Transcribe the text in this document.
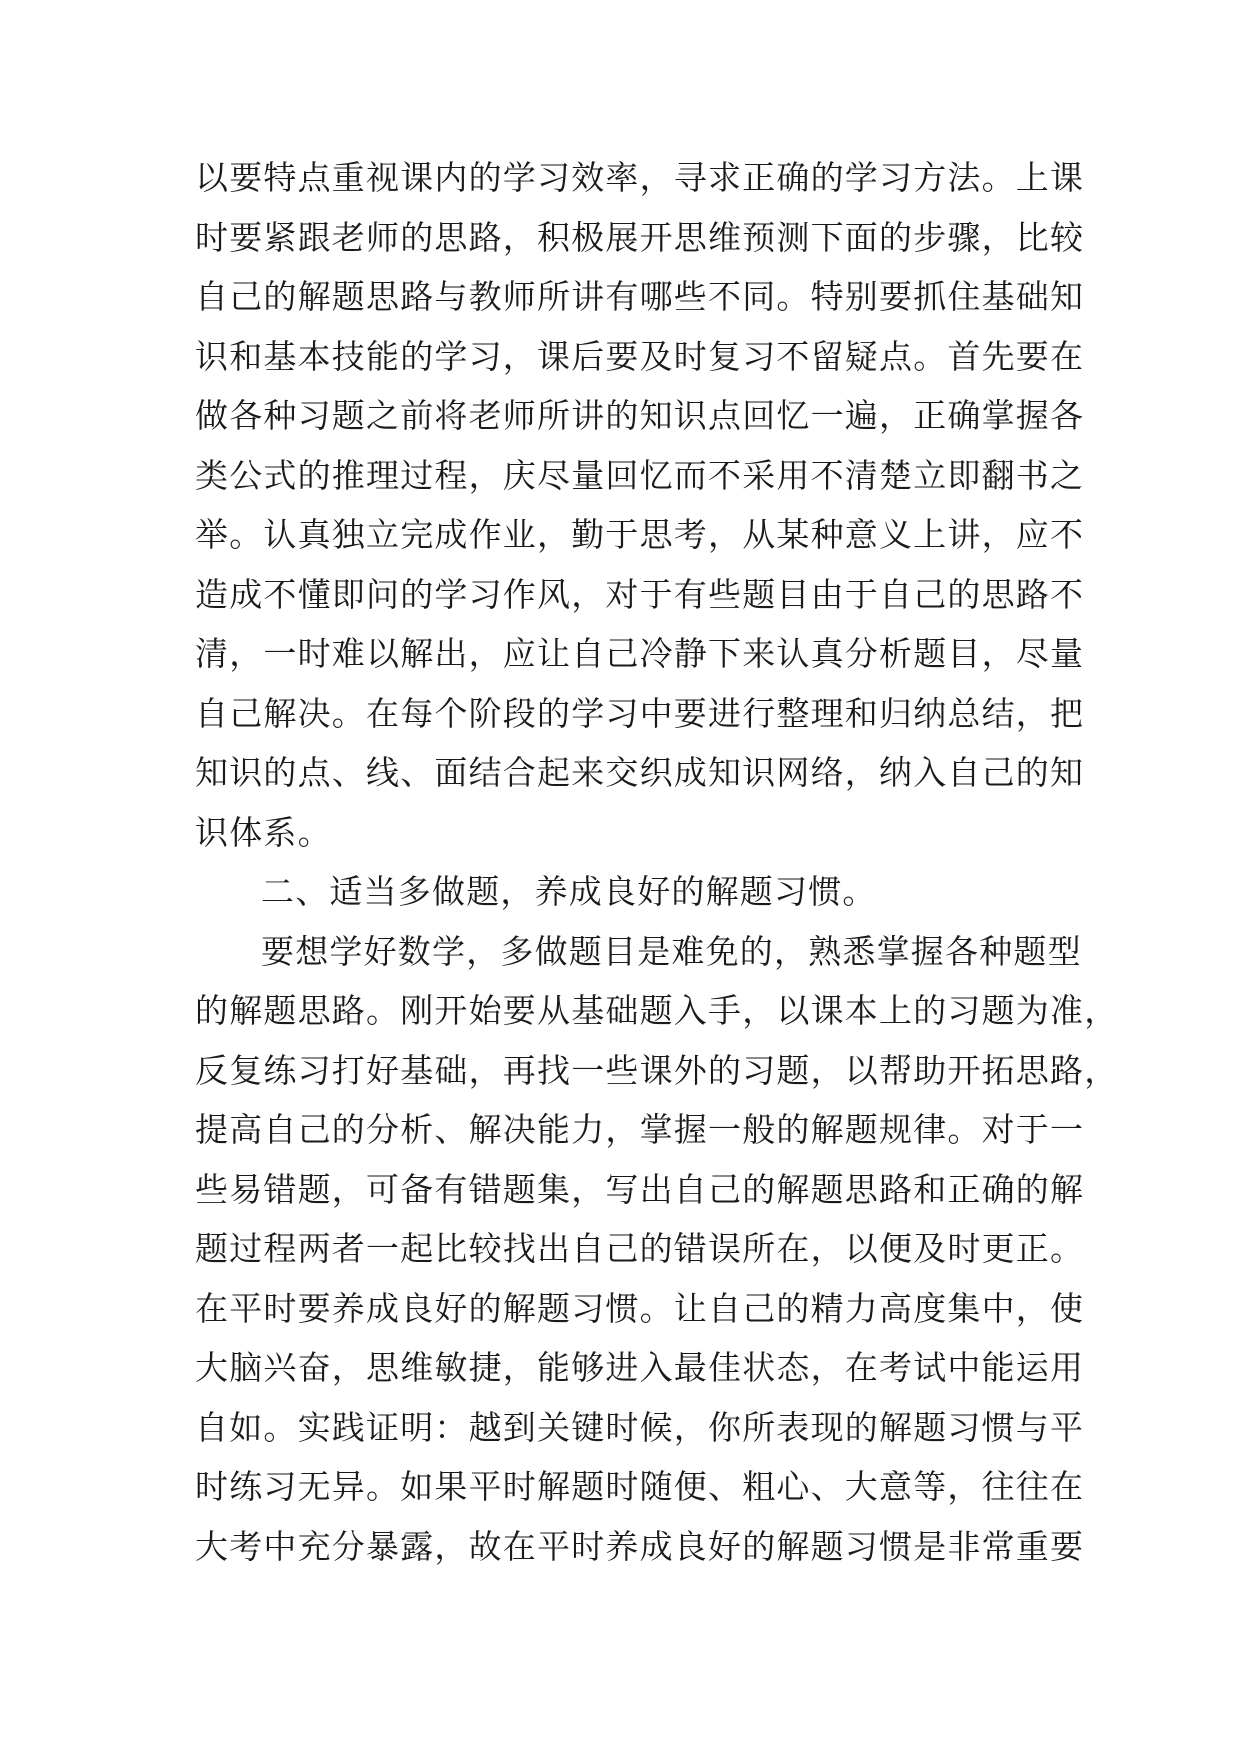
以要特点重视课内的学习效率，寻求正确的学习方法。上课
时要紧跟老师的思路，积极展开思维预测下面的步骤，比较
自己的解题思路与教师所讲有哪些不同。特别要抓住基础知
识和基本技能的学习，课后要及时复习不留疑点。首先要在
做各种习题之前将老师所讲的知识点回忆一遍，正确掌握各
类公式的推理过程，庆尽量回忆而不采用不清楚立即翻书之
举。认真独立完成作业，勤于思考，从某种意义上讲，应不
造成不懂即问的学习作风，对于有些题目由于自己的思路不
清，一时难以解出，应让自己冷静下来认真分析题目，尽量
自己解决。在每个阶段的学习中要进行整理和归纳总结，把
知识的点、线、面结合起来交织成知识网络，纳入自己的知
识体系。
二、适当多做题，养成良好的解题习惯。
要想学好数学，多做题目是难免的，熟悉掌握各种题型
的解题思路。刚开始要从基础题入手，以课本上的习题为准，
反复练习打好基础，再找一些课外的习题，以帮助开拓思路，
提高自己的分析、解决能力，掌握一般的解题规律。对于一
些易错题，可备有错题集，写出自己的解题思路和正确的解
题过程两者一起比较找出自己的错误所在，以便及时更正。
在平时要养成良好的解题习惯。让自己的精力高度集中，使
大脑兴奋，思维敏捷，能够进入最佳状态，在考试中能运用
自如。实践证明：越到关键时候，你所表现的解题习惯与平
时练习无异。如果平时解题时随便、粗心、大意等，往往在
大考中充分暴露，故在平时养成良好的解题习惯是非常重要
